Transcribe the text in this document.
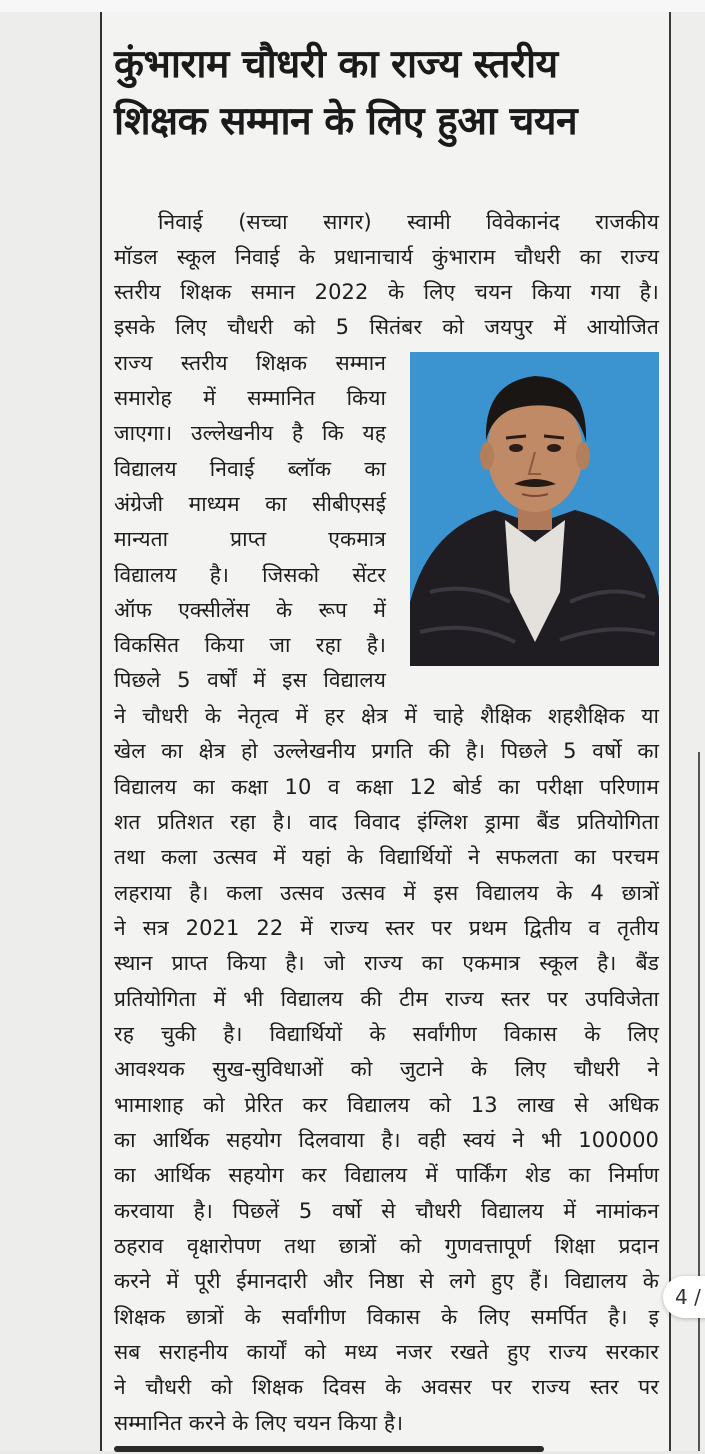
कुंभाराम चौधरी का राज्य स्तरीय शिक्षक सम्मान के लिए हुआ चयन
निवाई (सच्चा सागर) स्वामी विवेकानंद राजकीय
मॉडल स्कूल निवाई के प्रधानाचार्य कुंभाराम चौधरी का राज्य
स्तरीय शिक्षक समान 2022 के लिए चयन किया गया है।
इसके लिए चौधरी को 5 सितंबर को जयपुर में आयोजित
राज्य स्तरीय शिक्षक सम्मान
समारोह में सम्मानित किया
जाएगा। उल्लेखनीय है कि यह
विद्यालय निवाई ब्लॉक का
अंग्रेजी माध्यम का सीबीएसई
मान्यता प्राप्त एकमात्र
विद्यालय है। जिसको सेंटर
ऑफ एक्सीलेंस के रूप में
विकसित किया जा रहा है।
पिछले 5 वर्षों में इस विद्यालय
ने चौधरी के नेतृत्व में हर क्षेत्र में चाहे शैक्षिक शहशैक्षिक या
खेल का क्षेत्र हो उल्लेखनीय प्रगति की है। पिछले 5 वर्षो का
विद्यालय का कक्षा 10 व कक्षा 12 बोर्ड का परीक्षा परिणाम
शत प्रतिशत रहा है। वाद विवाद इंग्लिश ड्रामा बैंड प्रतियोगिता
तथा कला उत्सव में यहां के विद्यार्थियों ने सफलता का परचम
लहराया है। कला उत्सव उत्सव में इस विद्यालय के 4 छात्रों
ने सत्र 2021 22 में राज्य स्तर पर प्रथम द्वितीय व तृतीय
स्थान प्राप्त किया है। जो राज्य का एकमात्र स्कूल है। बैंड
प्रतियोगिता में भी विद्यालय की टीम राज्य स्तर पर उपविजेता
रह चुकी है। विद्यार्थियों के सर्वांगीण विकास के लिए
आवश्यक सुख-सुविधाओं को जुटाने के लिए चौधरी ने
भामाशाह को प्रेरित कर विद्यालय को 13 लाख से अधिक
का आर्थिक सहयोग दिलवाया है। वही स्वयं ने भी 100000
का आर्थिक सहयोग कर विद्यालय में पार्किंग शेड का निर्माण
करवाया है। पिछलें 5 वर्षो से चौधरी विद्यालय में नामांकन
ठहराव वृक्षारोपण तथा छात्रों को गुणवत्तापूर्ण शिक्षा प्रदान
करने में पूरी ईमानदारी और निष्ठा से लगे हुए हैं। विद्यालय के
शिक्षक छात्रों के सर्वांगीण विकास के लिए समर्पित है। इ
सब सराहनीय कार्यों को मध्य नजर रखते हुए राज्य सरकार
ने चौधरी को शिक्षक दिवस के अवसर पर राज्य स्तर पर
सम्मानित करने के लिए चयन किया है।
4 /
